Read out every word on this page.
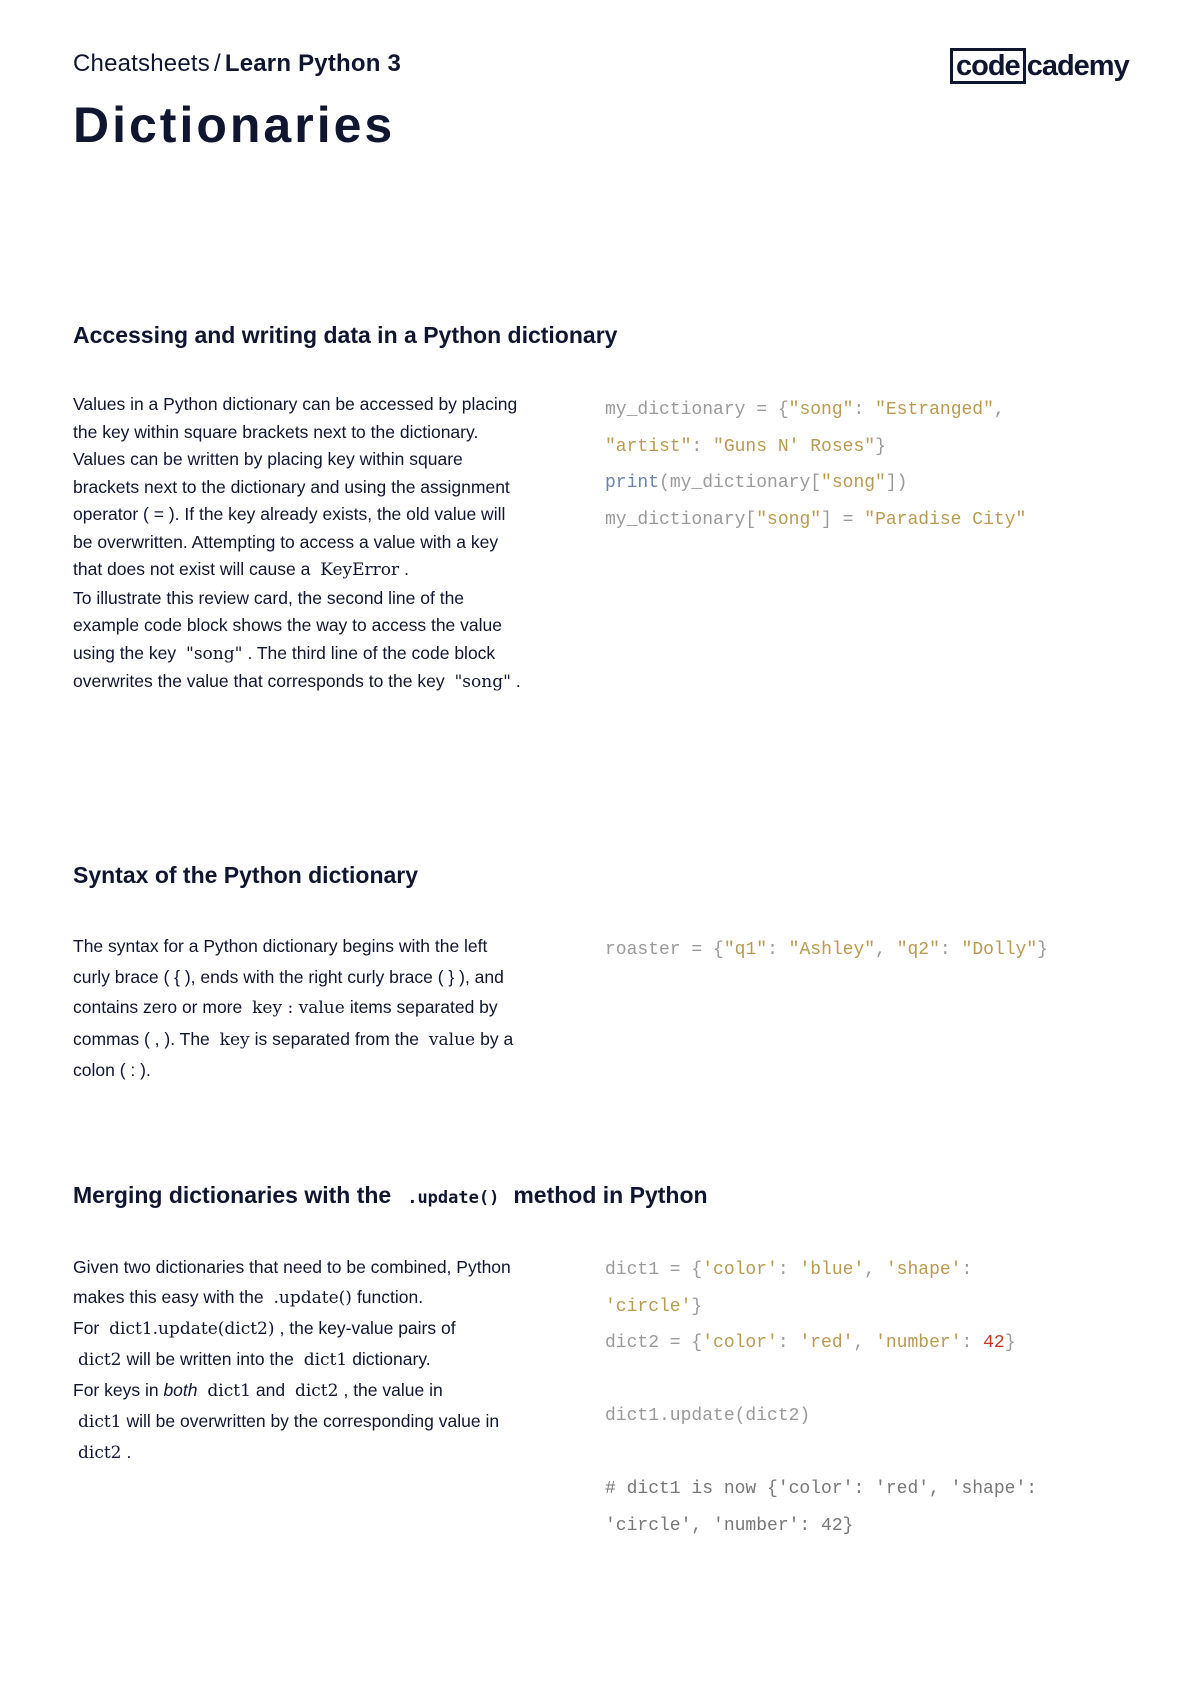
Cheatsheets / Learn Python 3
Dictionaries
code cademy
Accessing and writing data in a Python dictionary

Values in a Python dictionary can be accessed by placing the key within square brackets next to the dictionary. Values can be written by placing key within square brackets next to the dictionary and using the assignment operator ( = ). If the key already exists, the old value will be overwritten. Attempting to access a value with a key that does not exist will cause a KeyError .

To illustrate this review card, the second line of the example code block shows the way to access the value using the key "song" . The third line of the code block overwrites the value that corresponds to the key "song" .

my_dictionary = {"song": "Estranged",
"artist": "Guns N' Roses"}
print(my_dictionary["song"])
my_dictionary["song"] = "Paradise City"
Syntax of the Python dictionary

The syntax for a Python dictionary begins with the left curly brace ( { ), ends with the right curly brace ( } ), and contains zero or more key : value items separated by commas ( , ). The key is separated from the value by a colon ( : ).

roaster = {"q1": "Ashley", "q2": "Dolly"}
Merging dictionaries with the .update() method in Python

Given two dictionaries that need to be combined, Python makes this easy with the .update() function.

For dict1.update(dict2) , the key-value pairs of dict2 will be written into the dict1 dictionary.

For keys in both dict1 and dict2 , the value in dict1 will be overwritten by the corresponding value in dict2 .

dict1 = {'color': 'blue', 'shape':
'circle'}
dict2 = {'color': 'red', 'number': 42}

dict1.update(dict2)

# dict1 is now {'color': 'red', 'shape':
'circle', 'number': 42}
